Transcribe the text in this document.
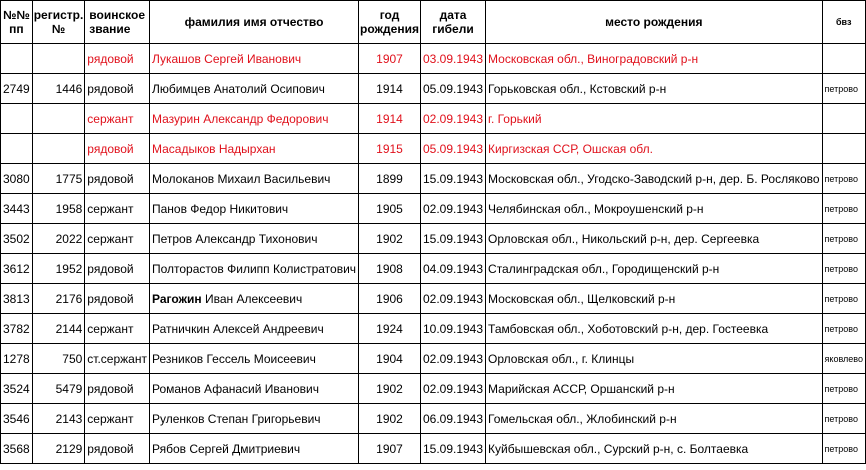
№№ пп	регистр. №	воинское звание	фамилия имя отчество	год рождения	дата гибели	место рождения	бвз
		рядовой	Лукашов Сергей Иванович	1907	03.09.1943	Московская обл., Виноградовский р-н	
2749	1446	рядовой	Любимцев Анатолий Осипович	1914	05.09.1943	Горьковская обл., Кстовский р-н	петрово
		сержант	Мазурин Александр Федорович	1914	02.09.1943	г. Горький	
		рядовой	Масадыков Надырхан	1915	05.09.1943	Киргизская ССР, Ошская обл.	
3080	1775	рядовой	Молоканов Михаил Васильевич	1899	15.09.1943	Московская обл., Угодско-Заводский р-н, дер. Б. Росляково	петрово
3443	1958	сержант	Панов Федор Никитович	1905	02.09.1943	Челябинская обл., Мокроушенский р-н	петрово
3502	2022	сержант	Петров Александр Тихонович	1902	15.09.1943	Орловская обл., Никольский р-н, дер. Сергеевка	петрово
3612	1952	рядовой	Полторастов Филипп Колистратович	1908	04.09.1943	Сталинградская обл., Городищенский р-н	петрово
3813	2176	рядовой	Рагожин Иван Алексеевич	1906	02.09.1943	Московская обл., Щелковский р-н	петрово
3782	2144	сержант	Ратничкин Алексей Андреевич	1924	10.09.1943	Тамбовская обл., Хоботовский р-н, дер. Гостеевка	петрово
1278	750	ст.сержант	Резников Гессель Моисеевич	1904	02.09.1943	Орловская обл., г. Клинцы	яковлево
3524	5479	рядовой	Романов Афанасий Иванович	1902	02.09.1943	Марийская АССР, Оршанский р-н	петрово
3546	2143	сержант	Руленков Степан Григорьевич	1902	06.09.1943	Гомельская обл., Жлобинский р-н	петрово
3568	2129	рядовой	Рябов Сергей Дмитриевич	1907	15.09.1943	Куйбышевская обл., Сурский р-н, с. Болтаевка	петрово
